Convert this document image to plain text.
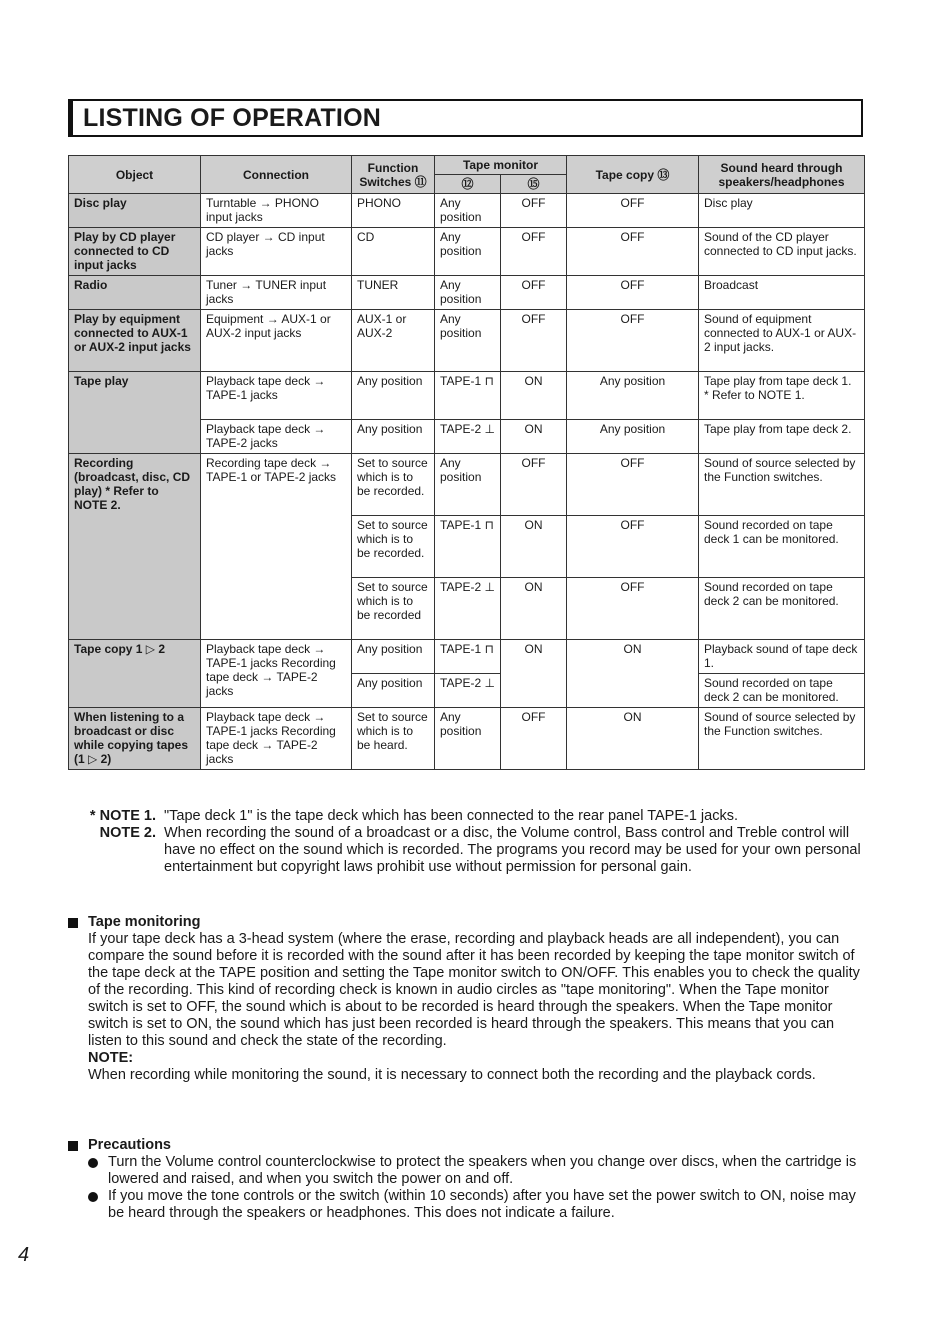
LISTING OF OPERATION
Object	Connection	Function Switches ⑪	Tape monitor		Tape copy ⑬	Sound heard through speakers/headphones
			⑫	⑮		
Disc play	Turntable → PHONO input jacks	PHONO	Any position	OFF	OFF	Disc play
Play by CD player connected to CD input jacks	CD player → CD input jacks	CD	Any position	OFF	OFF	Sound of the CD player connected to CD input jacks.
Radio	Tuner → TUNER input jacks	TUNER	Any position	OFF	OFF	Broadcast
Play by equipment connected to AUX-1 or AUX-2 input jacks	Equipment → AUX-1 or AUX-2 input jacks	AUX-1 or AUX-2	Any position	OFF	OFF	Sound of equipment connected to AUX-1 or AUX-2 input jacks.
Tape play	Playback tape deck → TAPE-1 jacks	Any position	TAPE-1 ⊓	ON	Any position	Tape play from tape deck 1. * Refer to NOTE 1.
	Playback tape deck → TAPE-2 jacks	Any position	TAPE-2 ⊥	ON	Any position	Tape play from tape deck 2.
Recording (broadcast, disc, CD play) * Refer to NOTE 2.	Recording tape deck → TAPE-1 or TAPE-2 jacks	Set to source which is to be recorded.	Any position	OFF	OFF	Sound of source selected by the Function switches.
		Set to source which is to be recorded.	TAPE-1 ⊓	ON	OFF	Sound recorded on tape deck 1 can be monitored.
		Set to source which is to be recorded	TAPE-2 ⊥	ON	OFF	Sound recorded on tape deck 2 can be monitored.
Tape copy 1 ▷ 2	Playback tape deck → TAPE-1 jacks Recording tape deck → TAPE-2 jacks	Any position	TAPE-1 ⊓	ON	ON	Playback sound of tape deck 1.
		Any position	TAPE-2 ⊥			Sound recorded on tape deck 2 can be monitored.
When listening to a broadcast or disc while copying tapes (1 ▷ 2)	Playback tape deck → TAPE-1 jacks Recording tape deck → TAPE-2 jacks	Set to source which is to be heard.	Any position	OFF	ON	Sound of source selected by the Function switches.
* NOTE 1. "Tape deck 1" is the tape deck which has been connected to the rear panel TAPE-1 jacks.
NOTE 2. When recording the sound of a broadcast or a disc, the Volume control, Bass control and Treble control will have no effect on the sound which is recorded. The programs you record may be used for your own personal entertainment but copyright laws prohibit use without permission for personal gain.
Tape monitoring
If your tape deck has a 3-head system (where the erase, recording and playback heads are all independent), you can compare the sound before it is recorded with the sound after it has been recorded by keeping the tape monitor switch of the tape deck at the TAPE position and setting the Tape monitor switch to ON/OFF. This enables you to check the quality of the recording. This kind of recording check is known in audio circles as "tape monitoring". When the Tape monitor switch is set to OFF, the sound which is about to be recorded is heard through the speakers. When the Tape monitor switch is set to ON, the sound which has just been recorded is heard through the speakers. This means that you can listen to this sound and check the state of the recording.
NOTE:
When recording while monitoring the sound, it is necessary to connect both the recording and the playback cords.
Precautions
Turn the Volume control counterclockwise to protect the speakers when you change over discs, when the cartridge is lowered and raised, and when you switch the power on and off.
If you move the tone controls or the switch (within 10 seconds) after you have set the power switch to ON, noise may be heard through the speakers or headphones. This does not indicate a failure.
4
